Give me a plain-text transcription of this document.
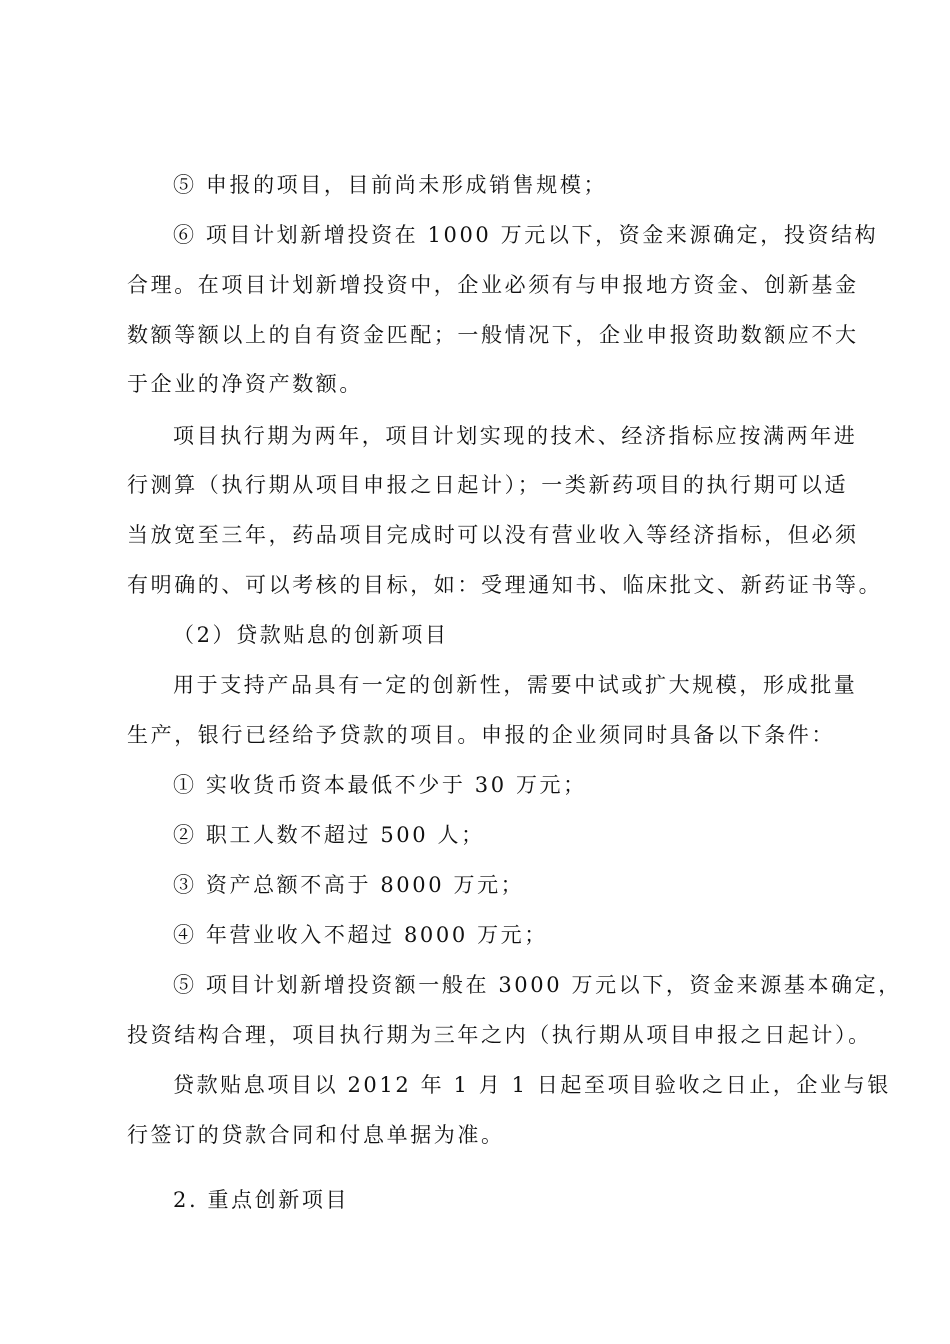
⑤ 申报的项目，目前尚未形成销售规模；
⑥ 项目计划新增投资在 1000 万元以下，资金来源确定，投资结构
合理。在项目计划新增投资中，企业必须有与申报地方资金、创新基金
数额等额以上的自有资金匹配；一般情况下，企业申报资助数额应不大
于企业的净资产数额。
项目执行期为两年，项目计划实现的技术、经济指标应按满两年进
行测算（执行期从项目申报之日起计）；一类新药项目的执行期可以适
当放宽至三年，药品项目完成时可以没有营业收入等经济指标，但必须
有明确的、可以考核的目标，如：受理通知书、临床批文、新药证书等。
（2）贷款贴息的创新项目
用于支持产品具有一定的创新性，需要中试或扩大规模，形成批量
生产，银行已经给予贷款的项目。申报的企业须同时具备以下条件：
① 实收货币资本最低不少于 30 万元；
② 职工人数不超过 500 人；
③ 资产总额不高于 8000 万元；
④ 年营业收入不超过 8000 万元；
⑤ 项目计划新增投资额一般在 3000 万元以下，资金来源基本确定，
投资结构合理，项目执行期为三年之内（执行期从项目申报之日起计）。
贷款贴息项目以 2012 年 1 月 1 日起至项目验收之日止，企业与银
行签订的贷款合同和付息单据为准。
2. 重点创新项目
